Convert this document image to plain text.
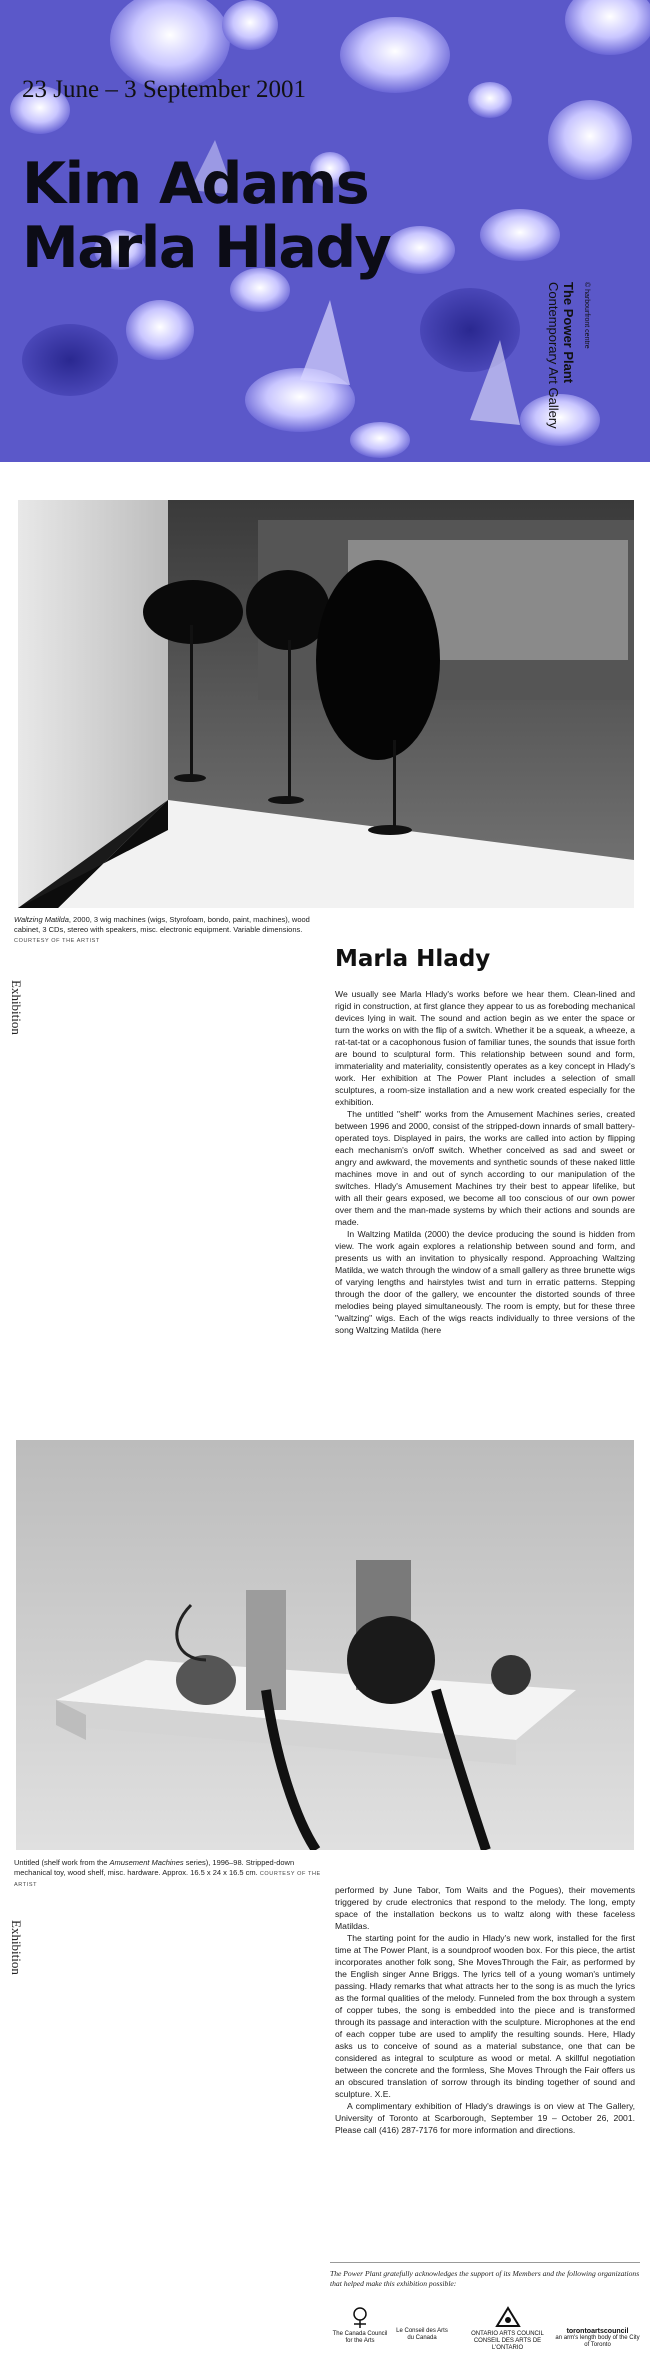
23 June – 3 September 2001
Kim Adams
Marla Hlady
© harbourfront centre
The Power Plant
Contemporary Art Gallery
Waltzing Matilda, 2000, 3 wig machines (wigs, Styrofoam, bondo, paint, machines), wood cabinet, 3 CDs, stereo with speakers, misc. electronic equipment. Variable dimensions. COURTESY OF THE ARTIST
Exhibition
Marla Hlady

We usually see Marla Hlady's works before we hear them. Clean-lined and rigid in construction, at first glance they appear to us as foreboding mechanical devices lying in wait. The sound and action begin as we enter the space or turn the works on with the flip of a switch. Whether it be a squeak, a wheeze, a rat-tat-tat or a cacophonous fusion of familiar tunes, the sounds that issue forth are bound to sculptural form. This relationship between sound and form, immateriality and materiality, consistently operates as a key concept in Hlady's work. Her exhibition at The Power Plant includes a selection of small sculptures, a room-size installation and a new work created especially for the exhibition.

The untitled "shelf" works from the Amusement Machines series, created between 1996 and 2000, consist of the stripped-down innards of small battery-operated toys. Displayed in pairs, the works are called into action by flipping each mechanism's on/off switch. Whether conceived as sad and sweet or angry and awkward, the movements and synthetic sounds of these naked little machines move in and out of synch according to our manipulation of the switches. Hlady's Amusement Machines try their best to appear lifelike, but with all their gears exposed, we become all too conscious of our own power over them and the man-made systems by which their actions and sounds are made.

In Waltzing Matilda (2000) the device producing the sound is hidden from view. The work again explores a relationship between sound and form, and presents us with an invitation to physically respond. Approaching Waltzing Matilda, we watch through the window of a small gallery as three brunette wigs of varying lengths and hairstyles twist and turn in erratic patterns. Stepping through the door of the gallery, we encounter the distorted sounds of three melodies being played simultaneously. The room is empty, but for these three "waltzing" wigs. Each of the wigs reacts individually to three versions of the song Waltzing Matilda (here

Untitled (shelf work from the Amusement Machines series), 1996–98. Stripped-down mechanical toy, wood shelf, misc. hardware. Approx. 16.5 x 24 x 16.5 cm. COURTESY OF THE ARTIST
Exhibition

performed by June Tabor, Tom Waits and the Pogues), their movements triggered by crude electronics that respond to the melody. The long, empty space of the installation beckons us to waltz along with these faceless Matildas.

The starting point for the audio in Hlady's new work, installed for the first time at The Power Plant, is a soundproof wooden box. For this piece, the artist incorporates another folk song, She MovesThrough the Fair, as performed by the English singer Anne Briggs. The lyrics tell of a young woman's untimely passing. Hlady remarks that what attracts her to the song is as much the lyrics as the formal qualities of the melody. Funneled from the box through a system of copper tubes, the song is embedded into the piece and is transformed through its passage and interaction with the sculpture. Microphones at the end of each copper tube are used to amplify the resulting sounds. Here, Hlady asks us to conceive of sound as a material substance, one that can be considered as integral to sculpture as wood or metal. A skillful negotiation between the concrete and the formless, She Moves Through the Fair offers us an obscured translation of sorrow through its binding together of sound and sculpture. X.E.

A complimentary exhibition of Hlady's drawings is on view at The Gallery, University of Toronto at Scarborough, September 19 – October 26, 2001. Please call (416) 287-7176 for more information and directions.

The Power Plant gratefully acknowledges the support of its Members and the following organizations that helped make this exhibition possible:
The Canada Council
for the Arts
Le Conseil des Arts
du Canada
ONTARIO ARTS COUNCIL
CONSEIL DES ARTS DE L'ONTARIO
torontoartscouncil
an arm's length body of the City of Toronto
